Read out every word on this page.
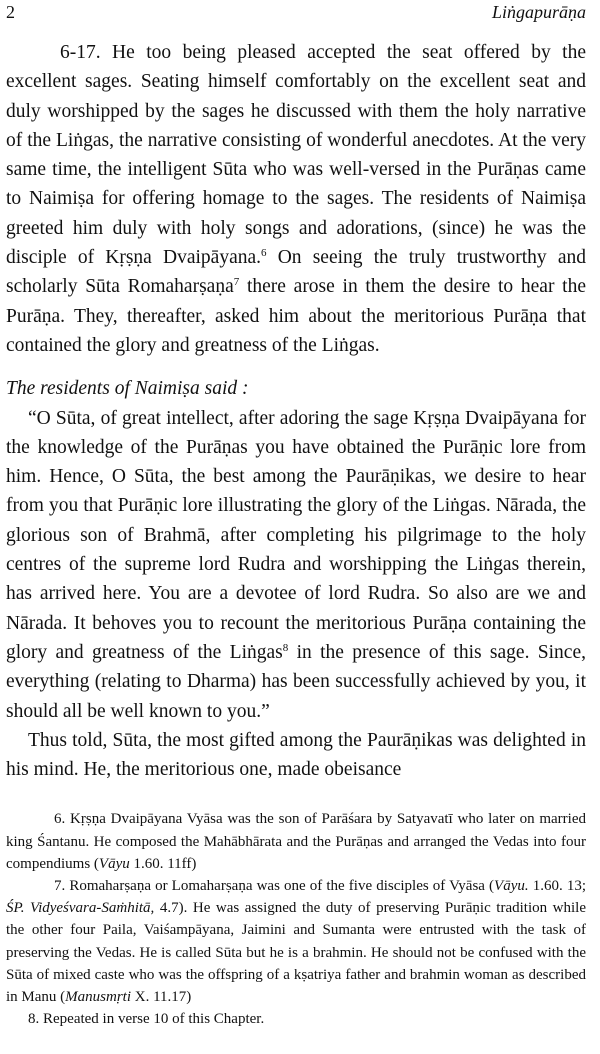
2	Liṅgapurāṇa

6-17. He too being pleased accepted the seat offered by the excellent sages. Seating himself comfortably on the excellent seat and duly worshipped by the sages he discussed with them the holy narrative of the Liṅgas, the narrative consisting of wonderful anecdotes. At the very same time, the intelligent Sūta who was well-versed in the Purāṇas came to Naimiṣa for offering homage to the sages. The residents of Naimiṣa greeted him duly with holy songs and adorations, (since) he was the disciple of Kṛṣṇa Dvaipāyana.$^6$ On seeing the truly trustworthy and scholarly Sūta Romaharṣaṇa$^7$ there arose in them the desire to hear the Purāṇa. They, thereafter, asked him about the meritorious Purāṇa that contained the glory and greatness of the Liṅgas.

The residents of Naimiṣa said :

“O Sūta, of great intellect, after adoring the sage Kṛṣṇa Dvaipāyana for the knowledge of the Purāṇas you have obtained the Purāṇic lore from him. Hence, O Sūta, the best among the Paurāṇikas, we desire to hear from you that Purāṇic lore illustrating the glory of the Liṅgas. Nārada, the glorious son of Brahmā, after completing his pilgrimage to the holy centres of the supreme lord Rudra and worshipping the Liṅgas therein, has arrived here. You are a devotee of lord Rudra. So also are we and Nārada. It behoves you to recount the meritorious Purāṇa containing the glory and greatness of the Liṅgas$^8$ in the presence of this sage. Since, everything (relating to Dharma) has been successfully achieved by you, it should all be well known to you.”

Thus told, Sūta, the most gifted among the Paurāṇikas was delighted in his mind. He, the meritorious one, made obeisance

6. Kṛṣṇa Dvaipāyana Vyāsa was the son of Parāśara by Satyavatī who later on married king Śantanu. He composed the Mahābhārata and the Purāṇas and arranged the Vedas into four compendiums (Vāyu 1.60. 11ff)

7. Romaharṣaṇa or Lomaharṣaṇa was one of the five disciples of Vyāsa (Vāyu. 1.60. 13; ŚP. Vidyeśvara-Saṁhitā, 4.7). He was assigned the duty of preserving Purāṇic tradition while the other four Paila, Vaiśampāyana, Jaimini and Sumanta were entrusted with the task of preserving the Vedas. He is called Sūta but he is a brahmin. He should not be confused with the Sūta of mixed caste who was the offspring of a kṣatriya father and brahmin woman as described in Manu (Manusmṛti X. 11.17)

8. Repeated in verse 10 of this Chapter.
